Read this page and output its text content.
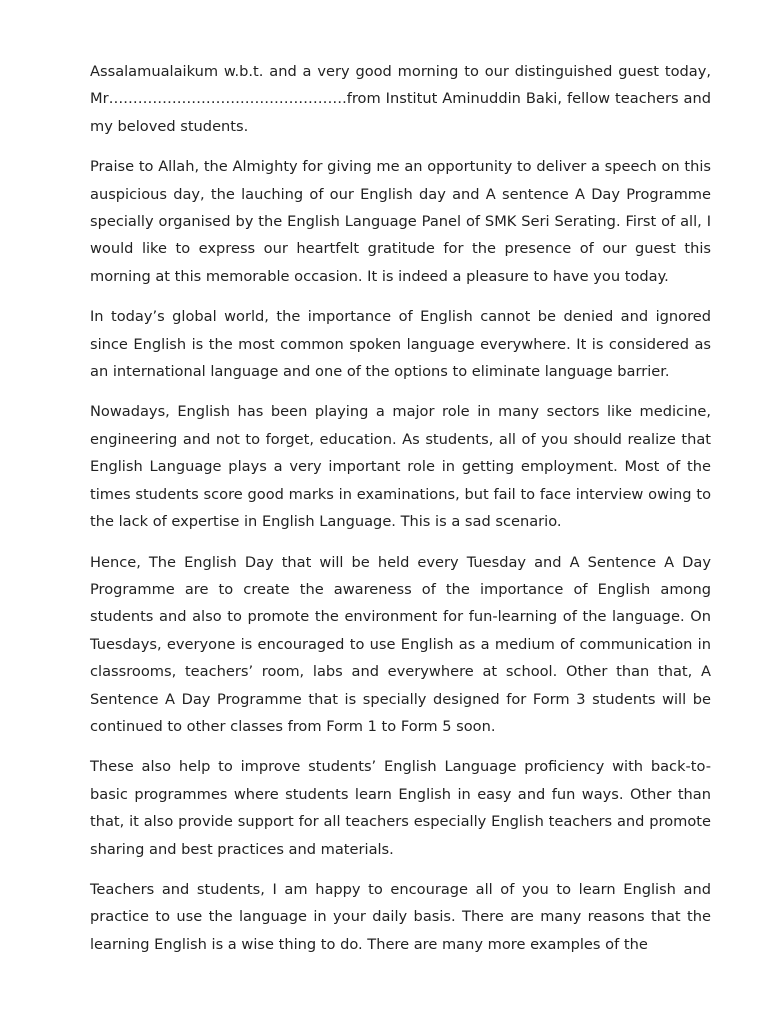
Assalamualaikum w.b.t. and a very good morning to our distinguished guest today, Mr………………………………………….from Institut Aminuddin Baki, fellow teachers and my beloved students.

Praise to Allah, the Almighty for giving me an opportunity to deliver a speech on this auspicious day, the lauching of our English day and A sentence A Day Programme specially organised by the English Language Panel of SMK Seri Serating. First of all, I would like to express our heartfelt gratitude for the presence of our guest this morning at this memorable occasion. It is indeed a pleasure to have you today.

In today’s global world, the importance of English cannot be denied and ignored since English is the most common spoken language everywhere. It is considered as an international language and one of the options to eliminate language barrier.

Nowadays, English has been playing a major role in many sectors like medicine, engineering and not to forget, education. As students, all of you should realize that English Language plays a very important role in getting employment. Most of the times students score good marks in examinations, but fail to face interview owing to the lack of expertise in English Language. This is a sad scenario.

Hence, The English Day that will be held every Tuesday and A Sentence A Day Programme are to create the awareness of the importance of English among students and also to promote the environment for fun-learning of the language. On Tuesdays, everyone is encouraged to use English as a medium of communication in classrooms, teachers’ room, labs and everywhere at school. Other than that, A Sentence A Day Programme that is specially designed for Form 3 students will be continued to other classes from Form 1 to Form 5 soon.

These also help to improve students’ English Language proficiency with back-to-basic programmes where students learn English in easy and fun ways. Other than that, it also provide support for all teachers especially English teachers and promote sharing and best practices and materials.

Teachers and students, I am happy to encourage all of you to learn English and practice to use the language in your daily basis. There are many reasons that the learning English is a wise thing to do. There are many more examples of the
